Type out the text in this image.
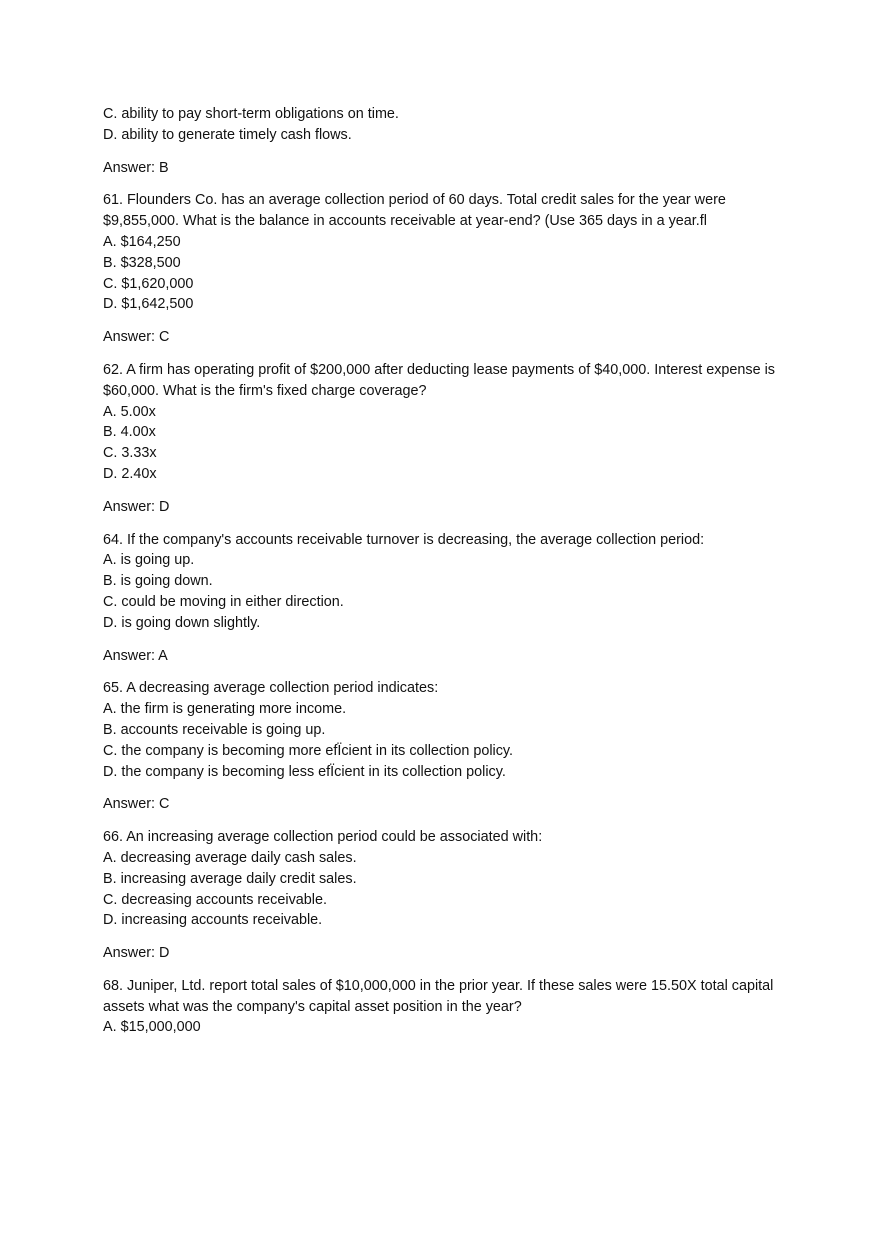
C. ability to pay short-term obligations on time.
D. ability to generate timely cash flows.
Answer: B
61. Flounders Co. has an average collection period of 60 days. Total credit sales for the year were $9,855,000. What is the balance in accounts receivable at year-end? (Use 365 days in a year.ﬂ
A. $164,250
B. $328,500
C. $1,620,000
D. $1,642,500
Answer: C
62. A firm has operating profit of $200,000 after deducting lease payments of $40,000. Interest expense is $60,000. What is the firm's fixed charge coverage?
A. 5.00x
B. 4.00x
C. 3.33x
D. 2.40x
Answer: D
64. If the company's accounts receivable turnover is decreasing, the average collection period:
A. is going up.
B. is going down.
C. could be moving in either direction.
D. is going down slightly.
Answer: A
65. A decreasing average collection period indicates:
A. the firm is generating more income.
B. accounts receivable is going up.
C. the company is becoming more efÏcient in its collection policy.
D. the company is becoming less efÏcient in its collection policy.
Answer: C
66. An increasing average collection period could be associated with:
A. decreasing average daily cash sales.
B. increasing average daily credit sales.
C. decreasing accounts receivable.
D. increasing accounts receivable.
Answer: D
68. Juniper, Ltd. report total sales of $10,000,000 in the prior year. If these sales were 15.50X total capital assets what was the company's capital asset position in the year?
A. $15,000,000
